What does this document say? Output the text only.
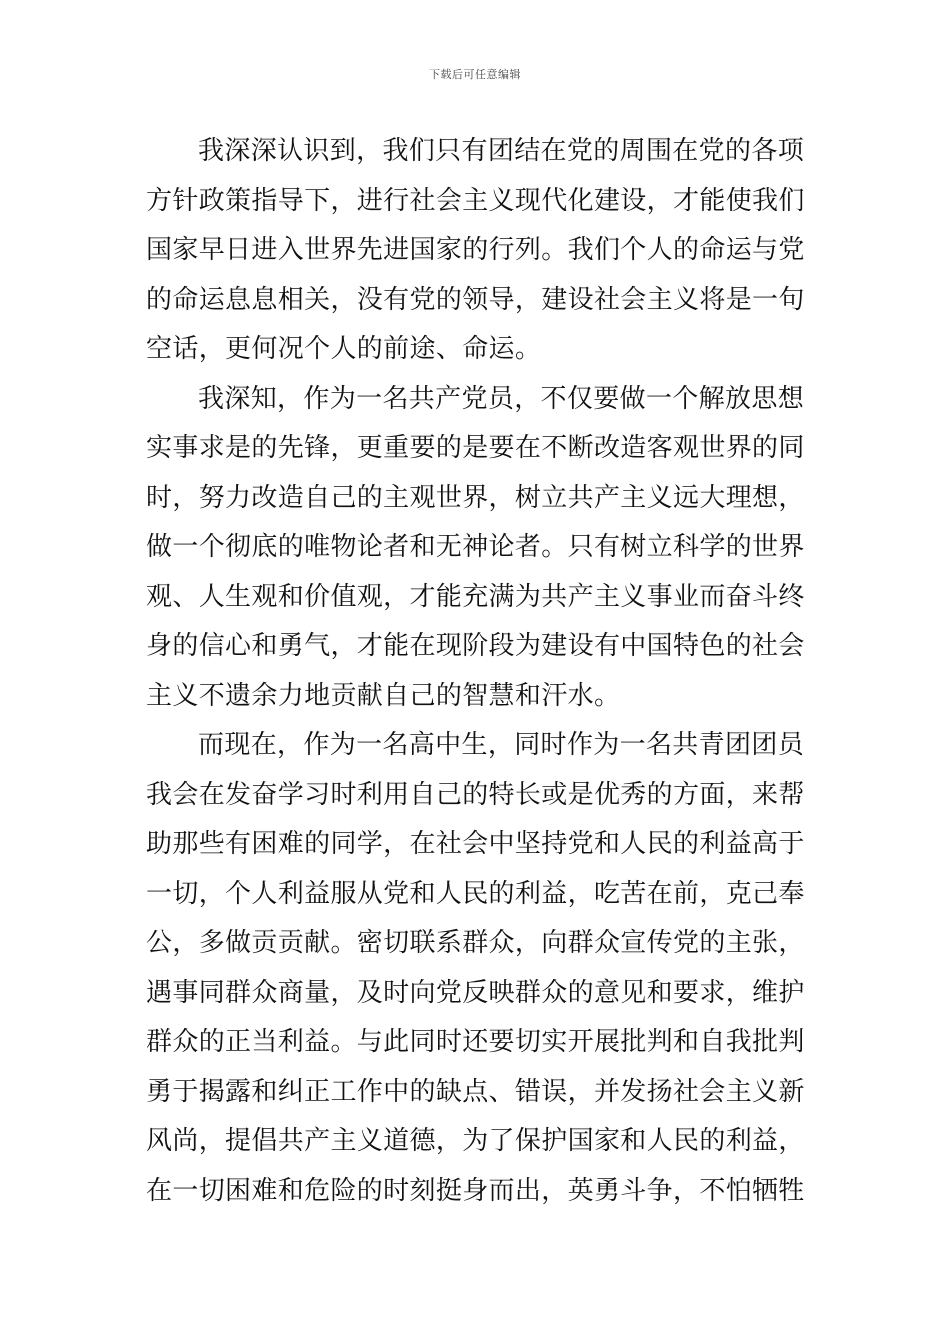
下载后可任意编辑
我深深认识到，我们只有团结在党的周围在党的各项
方针政策指导下，进行社会主义现代化建设，才能使我们
国家早日进入世界先进国家的行列。我们个人的命运与党
的命运息息相关，没有党的领导，建设社会主义将是一句
空话，更何况个人的前途、命运。
我深知，作为一名共产党员，不仅要做一个解放思想
实事求是的先锋，更重要的是要在不断改造客观世界的同
时，努力改造自己的主观世界，树立共产主义远大理想，
做一个彻底的唯物论者和无神论者。只有树立科学的世界
观、人生观和价值观，才能充满为共产主义事业而奋斗终
身的信心和勇气，才能在现阶段为建设有中国特色的社会
主义不遗余力地贡献自己的智慧和汗水。
而现在，作为一名高中生，同时作为一名共青团团员
我会在发奋学习时利用自己的特长或是优秀的方面，来帮
助那些有困难的同学，在社会中坚持党和人民的利益高于
一切，个人利益服从党和人民的利益，吃苦在前，克己奉
公，多做贡贡献。密切联系群众，向群众宣传党的主张，
遇事同群众商量，及时向党反映群众的意见和要求，维护
群众的正当利益。与此同时还要切实开展批判和自我批判
勇于揭露和纠正工作中的缺点、错误，并发扬社会主义新
风尚，提倡共产主义道德，为了保护国家和人民的利益，
在一切困难和危险的时刻挺身而出，英勇斗争，不怕牺牲
